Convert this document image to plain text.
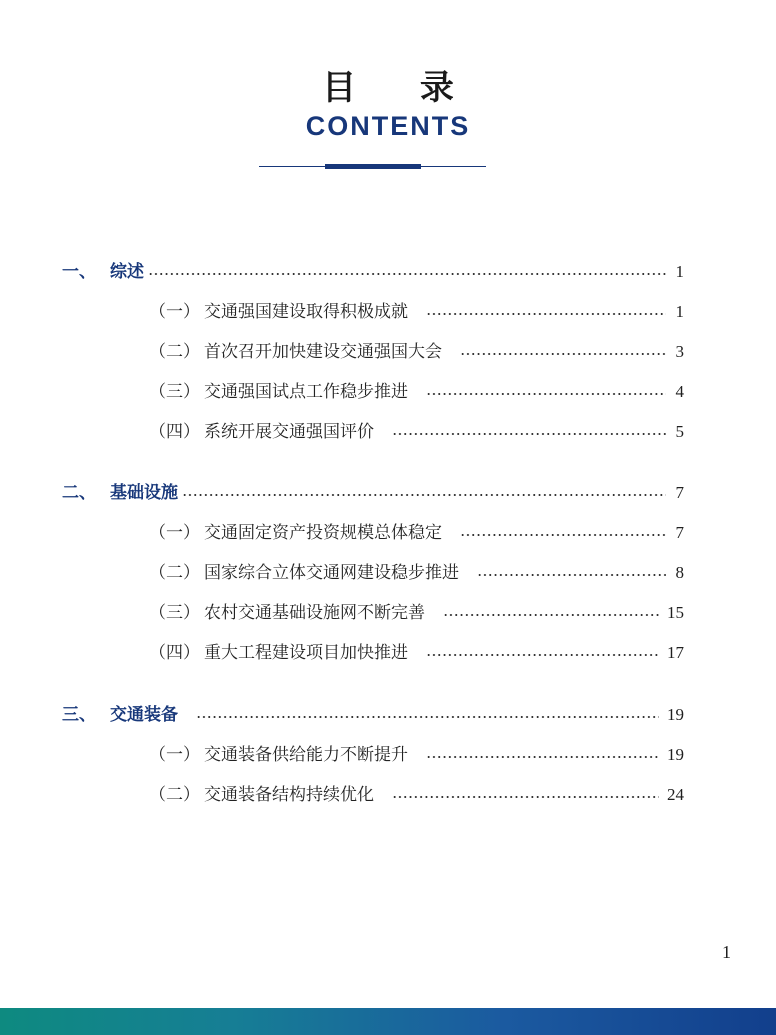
目 录
CONTENTS
一、 综述	1
（一） 交通强国建设取得积极成就	1
（二） 首次召开加快建设交通强国大会	3
（三） 交通强国试点工作稳步推进	4
（四） 系统开展交通强国评价	5
二、 基础设施	7
（一） 交通固定资产投资规模总体稳定	7
（二） 国家综合立体交通网建设稳步推进	8
（三） 农村交通基础设施网不断完善	15
（四） 重大工程建设项目加快推进	17
三、 交通装备	19
（一） 交通装备供给能力不断提升	19
（二） 交通装备结构持续优化	24
1
